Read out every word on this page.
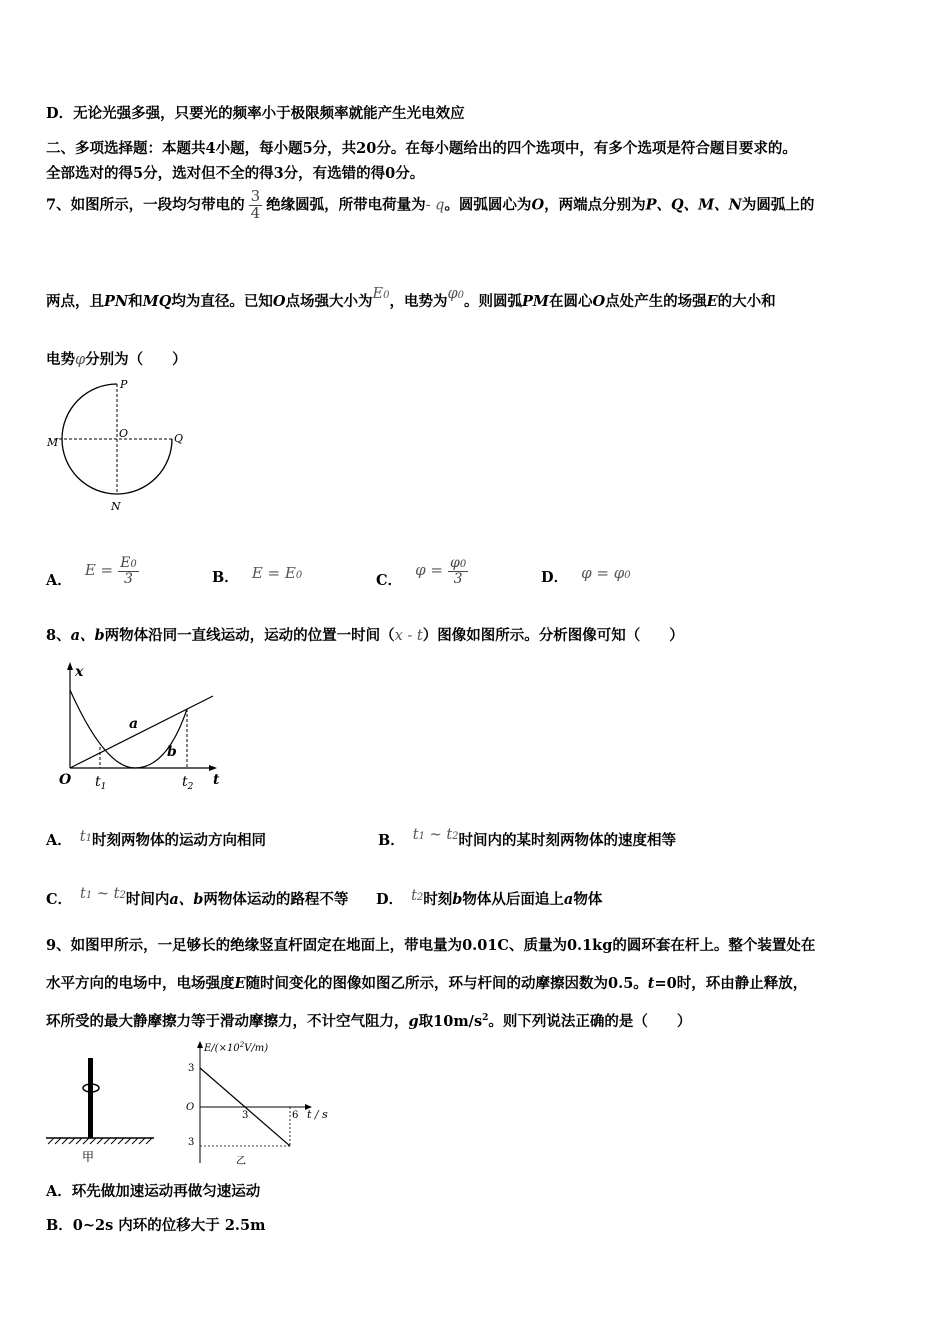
D．无论光强多强，只要光的频率小于极限频率就能产生光电效应
二、多项选择题：本题共4小题，每小题5分，共20分。在每小题给出的四个选项中，有多个选项是符合题目要求的。
全部选对的得5分，选对但不全的得3分，有选错的得0分。
7、如图所示，一段均匀带电的 $\frac{3}{4}$ 绝缘圆弧，所带电荷量为- q。圆弧圆心为O，两端点分别为P、Q、M、N为圆弧上的
两点，且PN和MQ均为直径。已知O点场强大小为E0，电势为φ0。则圆弧PM在圆心O点处产生的场强E的大小和
电势φ分别为（　　）
P
O
M	Q
N
A． $E = \frac{E0}{3}$	B． E = E0	C． $\varphi = \frac{\varphi 0}{3}$	D． φ = φ0
8、a、b两物体沿同一直线运动，运动的位置一时间（x - t）图像如图所示。分析图像可知（　　）
x
a
b
O $t_1$	$t_2$ t
A． t1时刻两物体的运动方向相同	B． t1 ~ t2时间内的某时刻两物体的速度相等
C． t1 ~ t2时间内a、b两物体运动的路程不等 D． t2时刻b物体从后面追上a物体
9、如图甲所示，一足够长的绝缘竖直杆固定在地面上，带电量为0.01C、质量为0.1kg的圆环套在杆上。整个装置处在
水平方向的电场中，电场强度E随时间变化的图像如图乙所示，环与杆间的动摩擦因数为0.5。t=0时，环由静止释放，
环所受的最大静摩擦力等于滑动摩擦力，不计空气阻力，g取$10m/s^2$。则下列说法正确的是（　　）
甲
$E/(\times 10^2V/m)$
3
O
3
3	6 t / s
乙
A．环先做加速运动再做匀速运动
B．0~2s 内环的位移大于 2.5m
